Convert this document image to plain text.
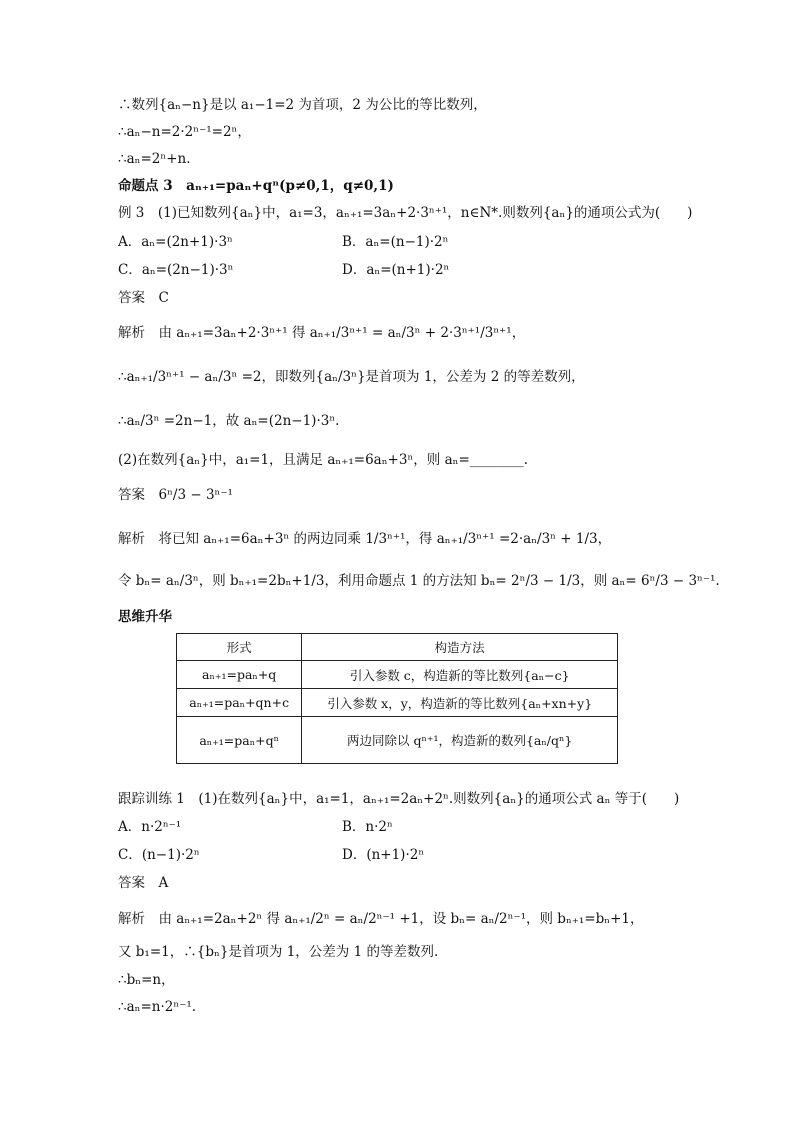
∴数列{aₙ−n}是以 a₁−1=2 为首项，2 为公比的等比数列，
∴aₙ−n=2·2ⁿ⁻¹=2ⁿ，
∴aₙ=2ⁿ+n.
命题点 3　aₙ₊₁=paₙ+qⁿ(p≠0,1，q≠0,1)
例 3　(1)已知数列{aₙ}中，a₁=3，aₙ₊₁=3aₙ+2·3ⁿ⁺¹，n∈N*.则数列{aₙ}的通项公式为(　　)
A．aₙ=(2n+1)·3ⁿ	B．aₙ=(n−1)·2ⁿ
C．aₙ=(2n−1)·3ⁿ	D．aₙ=(n+1)·2ⁿ
答案　C
解析　由 aₙ₊₁=3aₙ+2·3ⁿ⁺¹ 得 aₙ₊₁/3ⁿ⁺¹ = aₙ/3ⁿ + 2·3ⁿ⁺¹/3ⁿ⁺¹，
∴aₙ₊₁/3ⁿ⁺¹ − aₙ/3ⁿ =2，即数列{aₙ/3ⁿ}是首项为 1，公差为 2 的等差数列，
∴aₙ/3ⁿ =2n−1，故 aₙ=(2n−1)·3ⁿ.
(2)在数列{aₙ}中，a₁=1，且满足 aₙ₊₁=6aₙ+3ⁿ，则 aₙ=________.
答案　6ⁿ/3 − 3ⁿ⁻¹
解析　将已知 aₙ₊₁=6aₙ+3ⁿ 的两边同乘 1/3ⁿ⁺¹，得 aₙ₊₁/3ⁿ⁺¹ =2·aₙ/3ⁿ + 1/3，
令 bₙ= aₙ/3ⁿ，则 bₙ₊₁=2bₙ+1/3，利用命题点 1 的方法知 bₙ= 2ⁿ/3 − 1/3，则 aₙ= 6ⁿ/3 − 3ⁿ⁻¹.
思维升华
形式	构造方法
aₙ₊₁=paₙ+q	引入参数 c，构造新的等比数列{aₙ−c}
aₙ₊₁=paₙ+qn+c	引入参数 x，y，构造新的等比数列{aₙ+xn+y}
aₙ₊₁=paₙ+qⁿ	两边同除以 qⁿ⁺¹，构造新的数列{aₙ/qⁿ}
跟踪训练 1　(1)在数列{aₙ}中，a₁=1，aₙ₊₁=2aₙ+2ⁿ.则数列{aₙ}的通项公式 aₙ 等于(　　)
A．n·2ⁿ⁻¹	B．n·2ⁿ
C．(n−1)·2ⁿ	D．(n+1)·2ⁿ
答案　A
解析　由 aₙ₊₁=2aₙ+2ⁿ 得 aₙ₊₁/2ⁿ = aₙ/2ⁿ⁻¹ +1，设 bₙ= aₙ/2ⁿ⁻¹，则 bₙ₊₁=bₙ+1，
又 b₁=1，∴{bₙ}是首项为 1，公差为 1 的等差数列.
∴bₙ=n，
∴aₙ=n·2ⁿ⁻¹.
